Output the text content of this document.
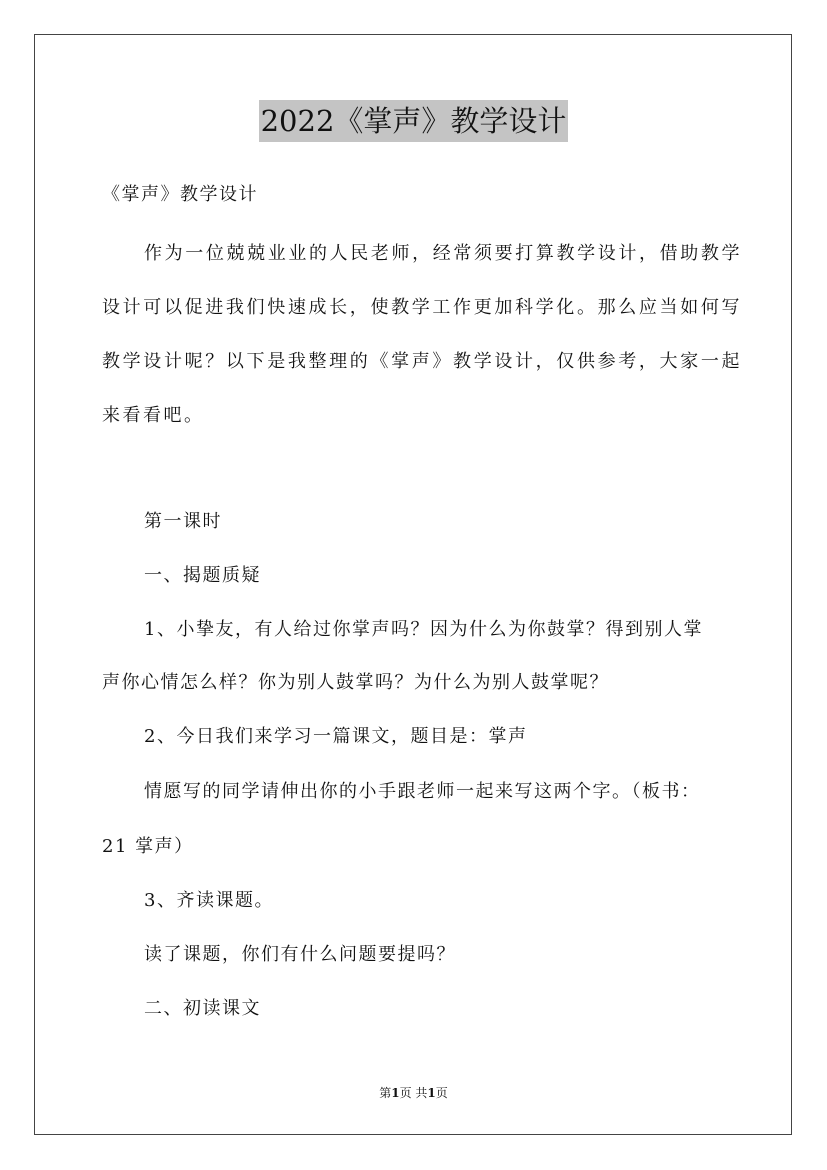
2022《掌声》教学设计

《掌声》教学设计

作为一位兢兢业业的人民老师，经常须要打算教学设计，借助教学设计可以促进我们快速成长，使教学工作更加科学化。那么应当如何写教学设计呢？以下是我整理的《掌声》教学设计，仅供参考，大家一起来看看吧。

第一课时

一、揭题质疑

1、小挚友，有人给过你掌声吗？因为什么为你鼓掌？得到别人掌

声你心情怎么样？你为别人鼓掌吗？为什么为别人鼓掌呢？

2、今日我们来学习一篇课文，题目是：掌声

情愿写的同学请伸出你的小手跟老师一起来写这两个字。（板书：

21 掌声）

3、齐读课题。

读了课题，你们有什么问题要提吗？

二、初读课文

第1页 共1页
